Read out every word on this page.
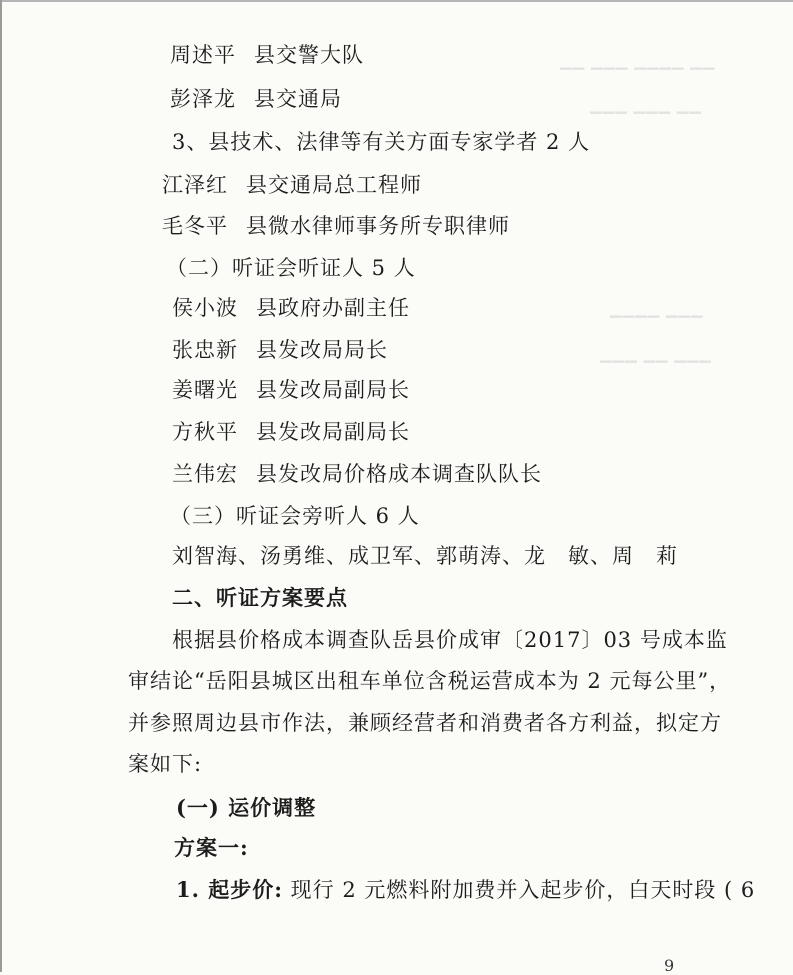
▁▁ ▁▁▁ ▁▁▁▁ ▁▁
▁▁▁ ▁▁▁ ▁▁
▁▁▁▁ ▁▁▁
▁▁▁ ▁▁ ▁▁▁
周述平 县交警大队
彭泽龙 县交通局
3、县技术、法律等有关方面专家学者 2 人
江泽红 县交通局总工程师
毛冬平 县微水律师事务所专职律师
（二）听证会听证人 5 人
侯小波 县政府办副主任
张忠新 县发改局局长
姜曙光 县发改局副局长
方秋平 县发改局副局长
兰伟宏 县发改局价格成本调查队队长
（三）听证会旁听人 6 人
刘智海、汤勇维、成卫军、郭萌涛、龙　敏、周　莉
二、听证方案要点
根据县价格成本调查队岳县价成审〔2017〕03 号成本监
审结论“岳阳县城区出租车单位含税运营成本为 2 元每公里”，
并参照周边县市作法，兼顾经营者和消费者各方利益，拟定方
案如下:
(一) 运价调整
方案一:
1. 起步价: 现行 2 元燃料附加费并入起步价，白天时段 ( 6
9
